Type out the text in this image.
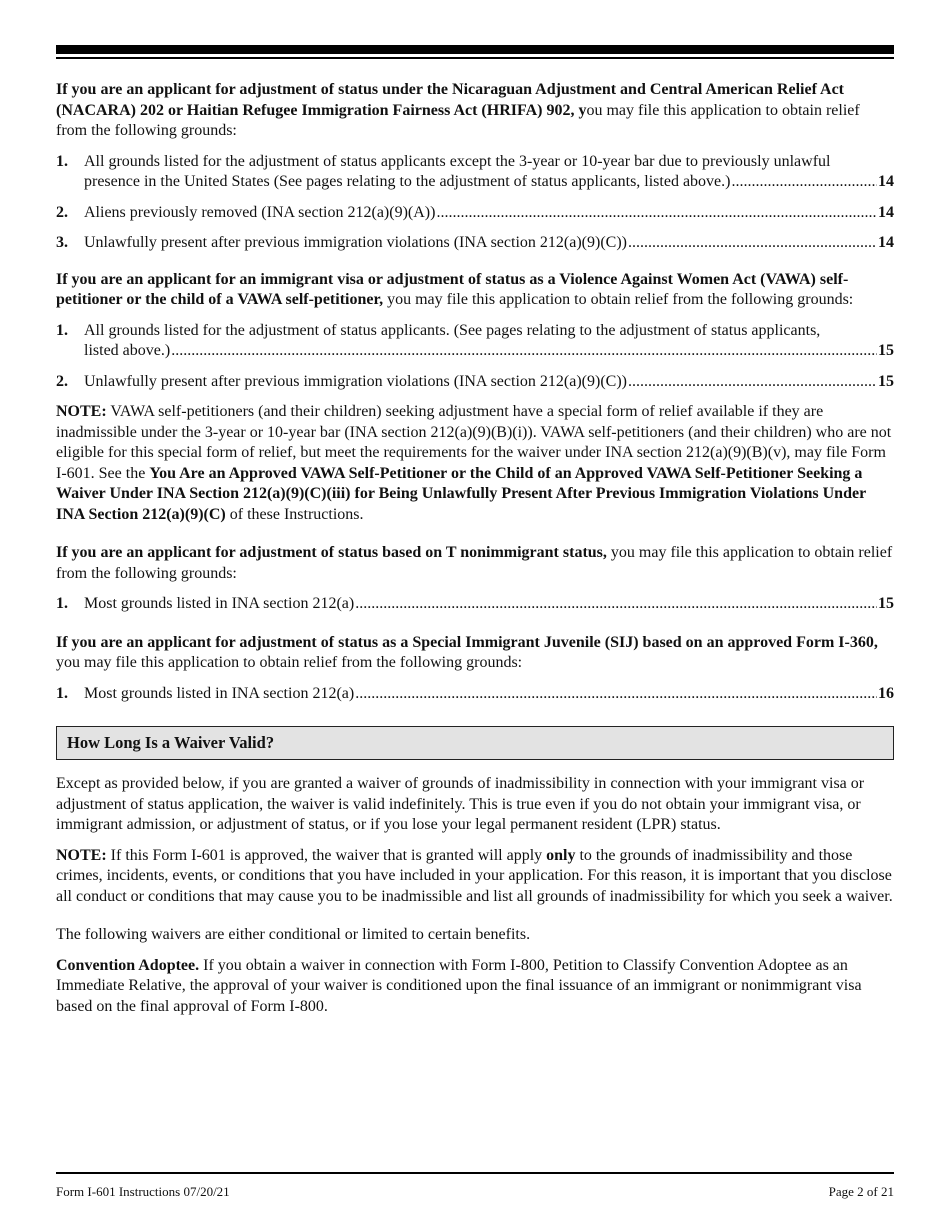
If you are an applicant for adjustment of status under the Nicaraguan Adjustment and Central American Relief Act (NACARA) 202 or Haitian Refugee Immigration Fairness Act (HRIFA) 902, you may file this application to obtain relief from the following grounds:

1. All grounds listed for the adjustment of status applicants except the 3-year or 10-year bar due to previously unlawful
presence in the United States (See pages relating to the adjustment of status applicants, listed above.) .....	14
2. Aliens previously removed (INA section 212(a)(9)(A)) .....	14
3. Unlawfully present after previous immigration violations (INA section 212(a)(9)(C)) .....	14

If you are an applicant for an immigrant visa or adjustment of status as a Violence Against Women Act (VAWA) self-petitioner or the child of a VAWA self-petitioner, you may file this application to obtain relief from the following grounds:

1. All grounds listed for the adjustment of status applicants. (See pages relating to the adjustment of status applicants,
listed above.) .....	15
2. Unlawfully present after previous immigration violations (INA section 212(a)(9)(C)) .....	15

NOTE: VAWA self-petitioners (and their children) seeking adjustment have a special form of relief available if they are inadmissible under the 3-year or 10-year bar (INA section 212(a)(9)(B)(i)). VAWA self-petitioners (and their children) who are not eligible for this special form of relief, but meet the requirements for the waiver under INA section 212(a)(9)(B)(v), may file Form I-601. See the You Are an Approved VAWA Self-Petitioner or the Child of an Approved VAWA Self-Petitioner Seeking a Waiver Under INA Section 212(a)(9)(C)(iii) for Being Unlawfully Present After Previous Immigration Violations Under INA Section 212(a)(9)(C) of these Instructions.

If you are an applicant for adjustment of status based on T nonimmigrant status, you may file this application to obtain relief from the following grounds:

1. Most grounds listed in INA section 212(a) .....	15

If you are an applicant for adjustment of status as a Special Immigrant Juvenile (SIJ) based on an approved Form I-360, you may file this application to obtain relief from the following grounds:

1. Most grounds listed in INA section 212(a) .....	16
How Long Is a Waiver Valid?

Except as provided below, if you are granted a waiver of grounds of inadmissibility in connection with your immigrant visa or adjustment of status application, the waiver is valid indefinitely. This is true even if you do not obtain your immigrant visa, or immigrant admission, or adjustment of status, or if you lose your legal permanent resident (LPR) status.

NOTE: If this Form I-601 is approved, the waiver that is granted will apply only to the grounds of inadmissibility and those crimes, incidents, events, or conditions that you have included in your application. For this reason, it is important that you disclose all conduct or conditions that may cause you to be inadmissible and list all grounds of inadmissibility for which you seek a waiver.

The following waivers are either conditional or limited to certain benefits.

Convention Adoptee. If you obtain a waiver in connection with Form I-800, Petition to Classify Convention Adoptee as an Immediate Relative, the approval of your waiver is conditioned upon the final issuance of an immigrant or nonimmigrant visa based on the final approval of Form I-800.

Form I-601 Instructions 07/20/21	Page 2 of 21
